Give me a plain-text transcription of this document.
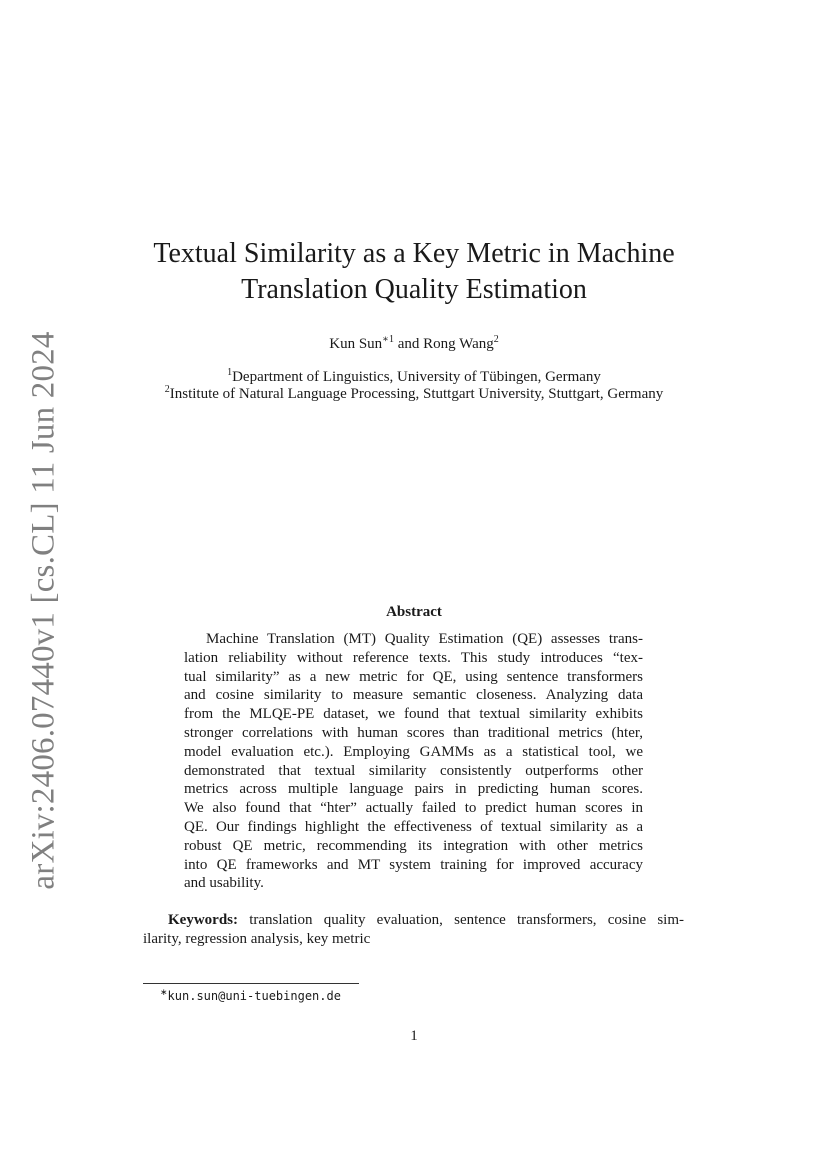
arXiv:2406.07440v1 [cs.CL] 11 Jun 2024
Textual Similarity as a Key Metric in Machine
Translation Quality Estimation
Kun Sun$^{∗1}$ and Rong Wang$^2$
$^1$Department of Linguistics, University of Tübingen, Germany
$^2$Institute of Natural Language Processing, Stuttgart University, Stuttgart, Germany
Abstract
Machine Translation (MT) Quality Estimation (QE) assesses trans-
lation reliability without reference texts. This study introduces “tex-
tual similarity” as a new metric for QE, using sentence transformers
and cosine similarity to measure semantic closeness. Analyzing data
from the MLQE-PE dataset, we found that textual similarity exhibits
stronger correlations with human scores than traditional metrics (hter,
model evaluation etc.). Employing GAMMs as a statistical tool, we
demonstrated that textual similarity consistently outperforms other
metrics across multiple language pairs in predicting human scores.
We also found that “hter” actually failed to predict human scores in
QE. Our findings highlight the effectiveness of textual similarity as a
robust QE metric, recommending its integration with other metrics
into QE frameworks and MT system training for improved accuracy
and usability.
Keywords: translation quality evaluation, sentence transformers, cosine sim-
ilarity, regression analysis, key metric
∗kun.sun@uni-tuebingen.de
1
